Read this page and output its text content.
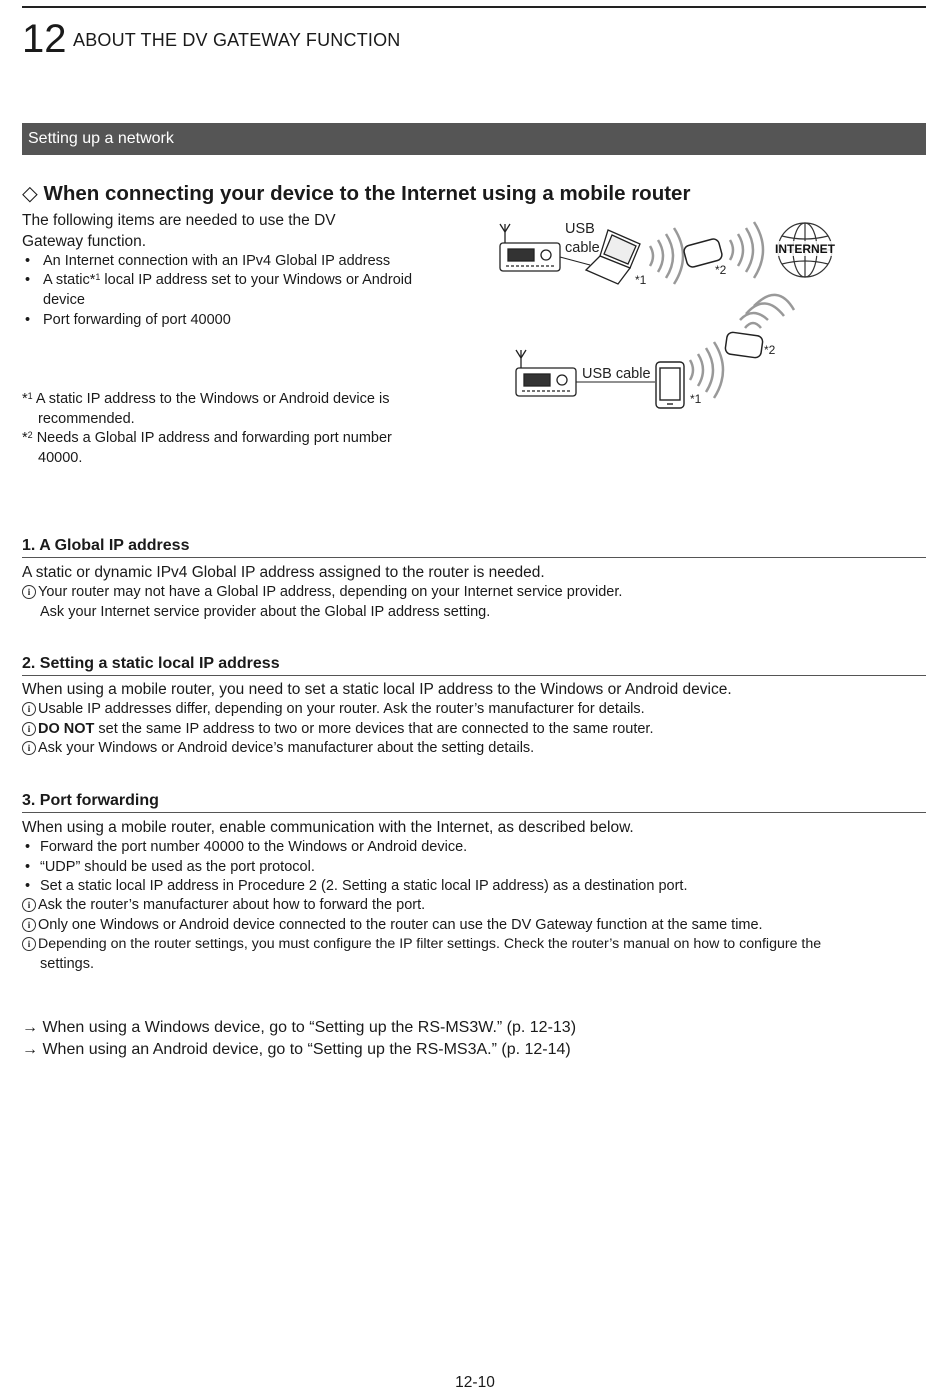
12 ABOUT THE DV GATEWAY FUNCTION
Setting up a network
◇ When connecting your device to the Internet using a mobile router
The following items are needed to use the DV
Gateway function.
• An Internet connection with an IPv4 Global IP address
• A static*$^1$ local IP address set to your Windows or Android
device
• Port forwarding of port 40000
*$^1$ A static IP address to the Windows or Android device is
recommended.
*$^2$ Needs a Global IP address and forwarding port number
40000.
USB
cable
*1
*2
INTERNET
*2
USB cable
*1
1. A Global IP address
A static or dynamic IPv4 Global IP address assigned to the router is needed.
i Your router may not have a Global IP address, depending on your Internet service provider.
Ask your Internet service provider about the Global IP address setting.
2. Setting a static local IP address
When using a mobile router, you need to set a static local IP address to the Windows or Android device.
i Usable IP addresses differ, depending on your router. Ask the router’s manufacturer for details.
i DO NOT set the same IP address to two or more devices that are connected to the same router.
i Ask your Windows or Android device’s manufacturer about the setting details.
3. Port forwarding
When using a mobile router, enable communication with the Internet, as described below.
• Forward the port number 40000 to the Windows or Android device.
• “UDP” should be used as the port protocol.
• Set a static local IP address in Procedure 2 (2. Setting a static local IP address) as a destination port.
i Ask the router’s manufacturer about how to forward the port.
i Only one Windows or Android device connected to the router can use the DV Gateway function at the same time.
i Depending on the router settings, you must configure the IP filter settings. Check the router’s manual on how to configure the
settings.
→ When using a Windows device, go to “Setting up the RS-MS3W.” (p. 12-13)
→ When using an Android device, go to “Setting up the RS-MS3A.” (p. 12-14)
12-10
